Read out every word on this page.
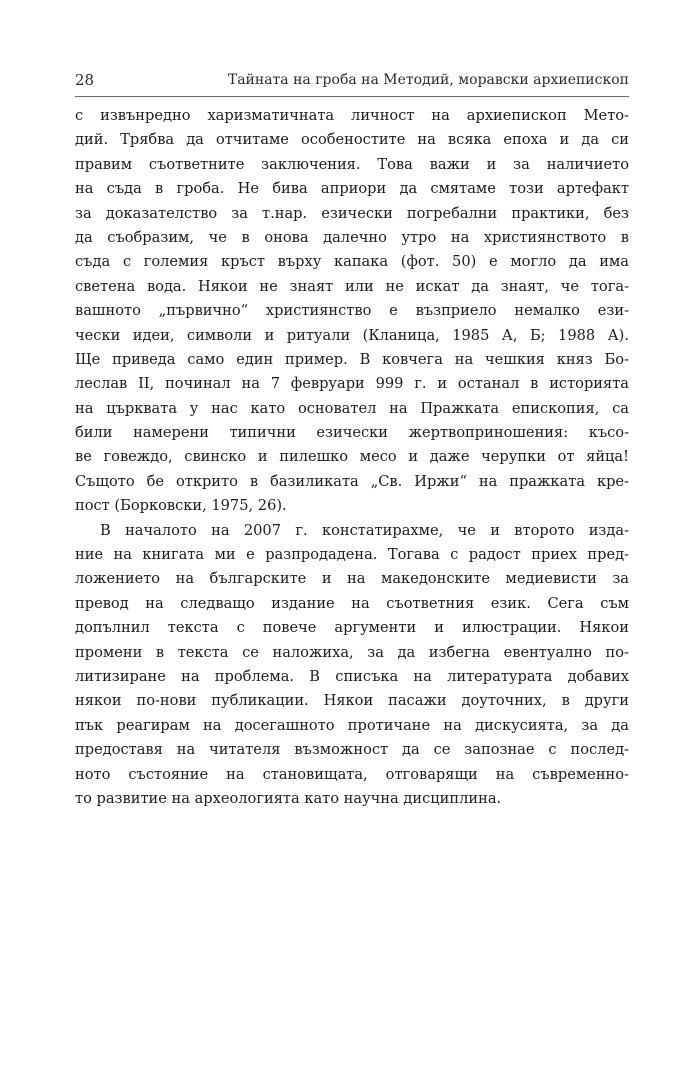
28	Тайната на гроба на Методий, моравски архиепископ

с извънредно харизматичната личност на архиепископ Мето-
дий. Трябва да отчитаме особеностите на всяка епоха и да си
правим съответните заключения. Това важи и за наличието
на съда в гроба. Не бива априори да смятаме този артефакт
за доказателство за т.нар. езически погребални практики, без
да съобразим, че в онова далечно утро на християнството в
съда с големия кръст върху капака (фот. 50) е могло да има
светена вода. Някои не знаят или не искат да знаят, че тога-
вашното „първично“ християнство е възприело немалко ези-
чески идеи, символи и ритуали (Кланица, 1985 А, Б; 1988 А).
Ще приведа само един пример. В ковчега на чешкия княз Бо-
леслав II, починал на 7 февруари 999 г. и останал в историята
на църквата у нас като основател на Пражката епископия, са
били намерени типични езически жертвоприношения: късо-
ве говеждо, свинско и пилешко месо и даже черупки от яйца!
Същото бе открито в базиликата „Св. Иржи“ на пражката кре-
пост (Борковски, 1975, 26).

В началото на 2007 г. констатирахме, че и второто изда-
ние на книгата ми е разпродадена. Тогава с радост приех пред-
ложението на българските и на македонските медиевисти за
превод на следващо издание на съответния език. Сега съм
допълнил текста с повече аргументи и илюстрации. Някои
промени в текста се наложиха, за да избегна евентуално по-
литизиране на проблема. В списъка на литературата добавих
някои по-нови публикации. Някои пасажи доуточних, в други
пък реагирам на досегашното протичане на дискусията, за да
предоставя на читателя възможност да се запознае с послед-
ното състояние на становищата, отговарящи на съвременно-
то развитие на археологията като научна дисциплина.
